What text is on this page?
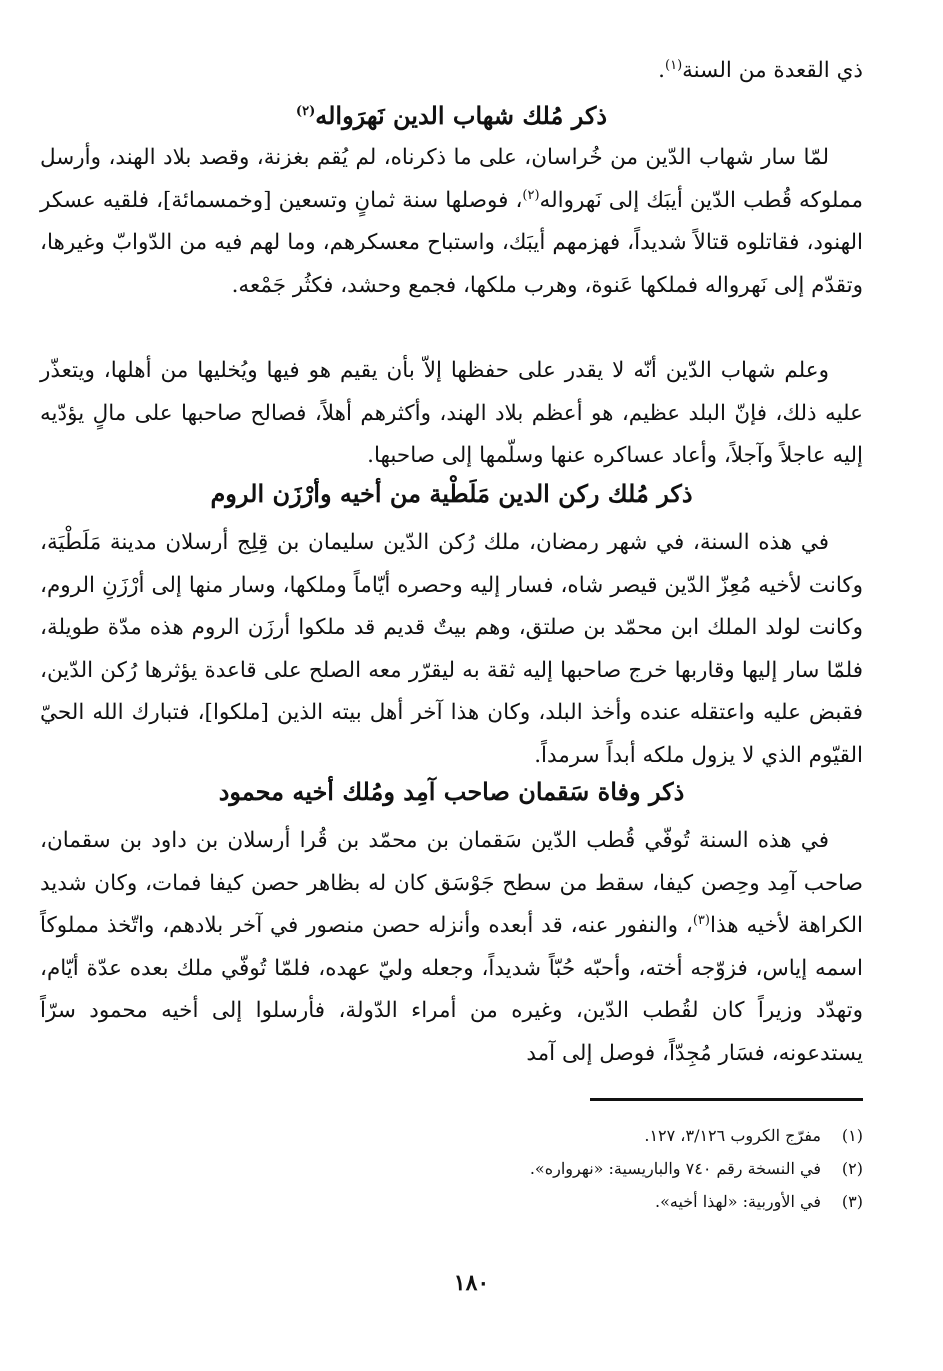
ذي القعدة من السنة$^{(١)}$.

ذكر مُلك شهاب الدين نَهرَواله$^{(٢)}$

لمّا سار شهاب الدّين من خُراسان، على ما ذكرناه، لم يُقم بغزنة، وقصد بلاد الهند، وأرسل مملوكه قُطب الدّين أيبَك إلى نَهرواله$^{(٢)}$، فوصلها سنة ثمانٍ وتسعين [وخمسمائة]، فلقيه عسكر الهنود، فقاتلوه قتالاً شديداً، فهزمهم أيبَك، واستباح معسكرهم، وما لهم فيه من الدّوابّ وغيرها، وتقدّم إلى نَهرواله فملكها عَنوة، وهرب ملكها، فجمع وحشد، فكثُر جَمْعه.

وعلم شهاب الدّين أنّه لا يقدر على حفظها إلاّ بأن يقيم هو فيها ويُخليها من أهلها، ويتعذّر عليه ذلك، فإنّ البلد عظيم، هو أعظم بلاد الهند، وأكثرهم أهلاً، فصالح صاحبها على مالٍ يؤدّيه إليه عاجلاً وآجلاً، وأعاد عساكره عنها وسلّمها إلى صاحبها.

ذكر مُلك ركن الدين مَلَطْية من أخيه وأرْزَن الروم

في هذه السنة، في شهر رمضان، ملك رُكن الدّين سليمان بن قِلِج أرسلان مدينة مَلَطْيَة، وكانت لأخيه مُعِزّ الدّين قيصر شاه، فسار إليه وحصره أيّاماً وملكها، وسار منها إلى أرْزَنِ الروم، وكانت لولد الملك ابن محمّد بن صلتق، وهم بيتٌ قديم قد ملكوا أرزَن الروم هذه مدّة طويلة، فلمّا سار إليها وقاربها خرج صاحبها إليه ثقة به ليقرّر معه الصلح على قاعدة يؤثرها رُكن الدّين، فقبض عليه واعتقله عنده وأخذ البلد، وكان هذا آخر أهل بيته الذين [ملكوا]، فتبارك الله الحيّ القيّوم الذي لا يزول ملكه أبداً سرمداً.

ذكر وفاة سَقمان صاحب آمِد ومُلك أخيه محمود

في هذه السنة تُوفّي قُطب الدّين سَقمان بن محمّد بن قُرا أرسلان بن داود بن سقمان، صاحب آمِد وحِصن كيفا، سقط من سطح جَوْسَق كان له بظاهر حصن كيفا فمات، وكان شديد الكراهة لأخيه هذا$^{(٣)}$، والنفور عنه، قد أبعده وأنزله حصن منصور في آخر بلادهم، واتّخذ مملوكاً اسمه إياس، فزوّجه أخته، وأحبّه حُبّاً شديداً، وجعله وليّ عهده، فلمّا تُوفّي ملك بعده عدّة أيّام، وتهدّد وزيراً كان لقُطب الدّين، وغيره من أمراء الدّولة، فأرسلوا إلى أخيه محمود سرّاً يستدعونه، فسَار مُجِدّاً، فوصل إلى آمد

(١)مفرّج الكروب ٣/١٢٦، ١٢٧.
(٢)في النسخة رقم ٧٤٠ والباريسية: «نهرواره».
(٣)في الأوربية: «لهذا أخيه».
١٨٠
